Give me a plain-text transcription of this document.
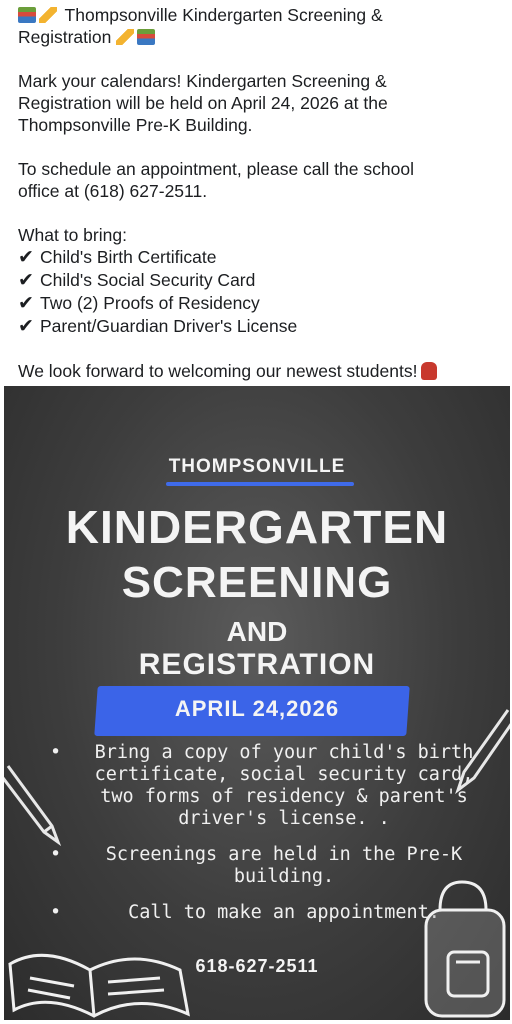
Thompsonville Kindergarten Screening &

Registration

Mark your calendars! Kindergarten Screening &

Registration will be held on April 24, 2026 at the

Thompsonville Pre-K Building.

To schedule an appointment, please call the school

office at (618) 627-2511.

What to bring:

✔ Child's Birth Certificate

✔ Child's Social Security Card

✔ Two (2) Proofs of Residency

✔ Parent/Guardian Driver's License

We look forward to welcoming our newest students!

THOMPSONVILLE
KINDERGARTEN
SCREENING
AND
REGISTRATION
APRIL 24,2026
• Bring a copy of your child's birth certificate, social security card, two forms of residency & parent's driver's license. .
• Screenings are held in the Pre-K building.
•	Call to make an appointment.
618-627-2511
